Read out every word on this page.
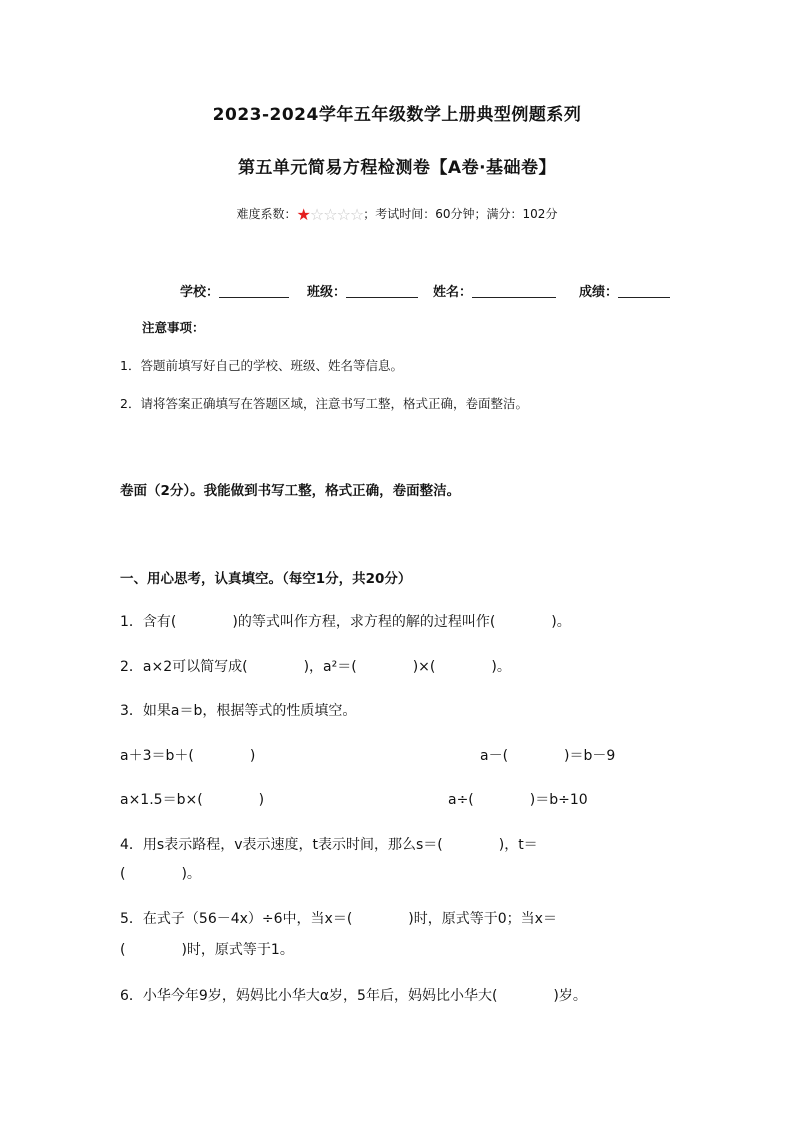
2023-2024学年五年级数学上册典型例题系列
第五单元简易方程检测卷【A卷·基础卷】
难度系数：★☆☆☆☆；考试时间：60分钟；满分：102分
学校：	班级：	姓名：	成绩：
注意事项：
1．答题前填写好自己的学校、班级、姓名等信息。
2．请将答案正确填写在答题区域，注意书写工整，格式正确，卷面整洁。
卷面（2分）。我能做到书写工整，格式正确，卷面整洁。
一、用心思考，认真填空。（每空1分，共20分）
1．含有(　　　　)的等式叫作方程，求方程的解的过程叫作(　　　　)。
2．a×2可以简写成(　　　　)，a²＝(　　　　)×(　　　　)。
3．如果a＝b，根据等式的性质填空。
a＋3＝b＋(　　　　)	a－(　　　　)＝b－9
a×1.5＝b×(　　　　)	a÷(　　　　)＝b÷10
4．用s表示路程，v表示速度，t表示时间，那么s＝(　　　　)，t＝
(　　　　)。
5．在式子（56－4x）÷6中，当x＝(　　　　)时，原式等于0；当x＝
(　　　　)时，原式等于1。
6．小华今年9岁，妈妈比小华大α岁，5年后，妈妈比小华大(　　　　)岁。
